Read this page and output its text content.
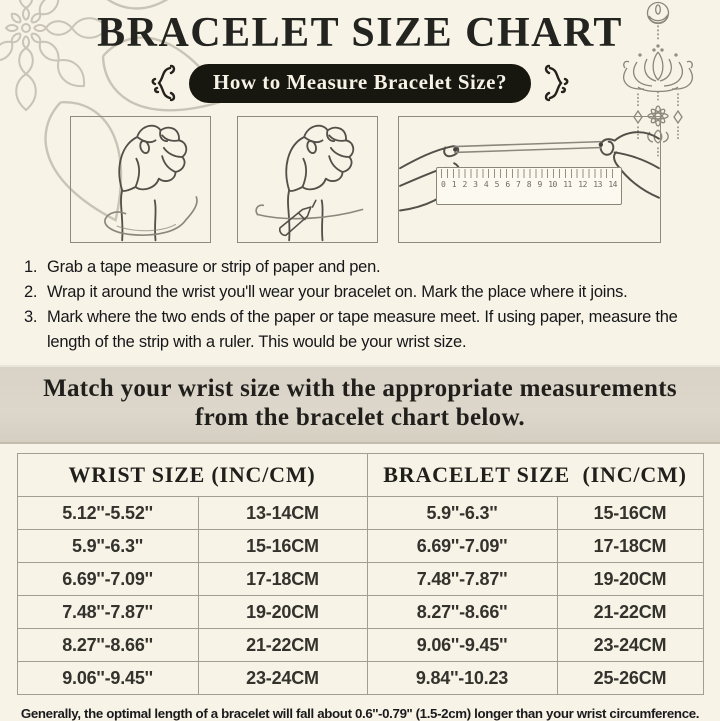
BRACELET SIZE CHART
How to Measure Bracelet Size?
0 1 2 3 4 5 6 7 8 9 10 11 12 13 14
1. Grab a tape measure or strip of paper and pen.
2. Wrap it around the wrist you'll wear your bracelet on. Mark the place where it joins.
3. Mark where the two ends of the paper or tape measure meet. If using paper, measure the length of the strip with a ruler. This would be your wrist size.
Match your wrist size with the appropriate measurements from the bracelet chart below.
WRIST SIZE (INC/CM)		BRACELET SIZE  (INC/CM)	
5.12''-5.52''	13-14CM	5.9''-6.3''	15-16CM
5.9''-6.3''	15-16CM	6.69''-7.09''	17-18CM
6.69''-7.09''	17-18CM	7.48''-7.87''	19-20CM
7.48''-7.87''	19-20CM	8.27''-8.66''	21-22CM
8.27''-8.66''	21-22CM	9.06''-9.45''	23-24CM
9.06''-9.45''	23-24CM	9.84''-10.23	25-26CM
Generally, the optimal length of a bracelet will fall about 0.6''-0.79'' (1.5-2cm) longer than your wrist circumference.
